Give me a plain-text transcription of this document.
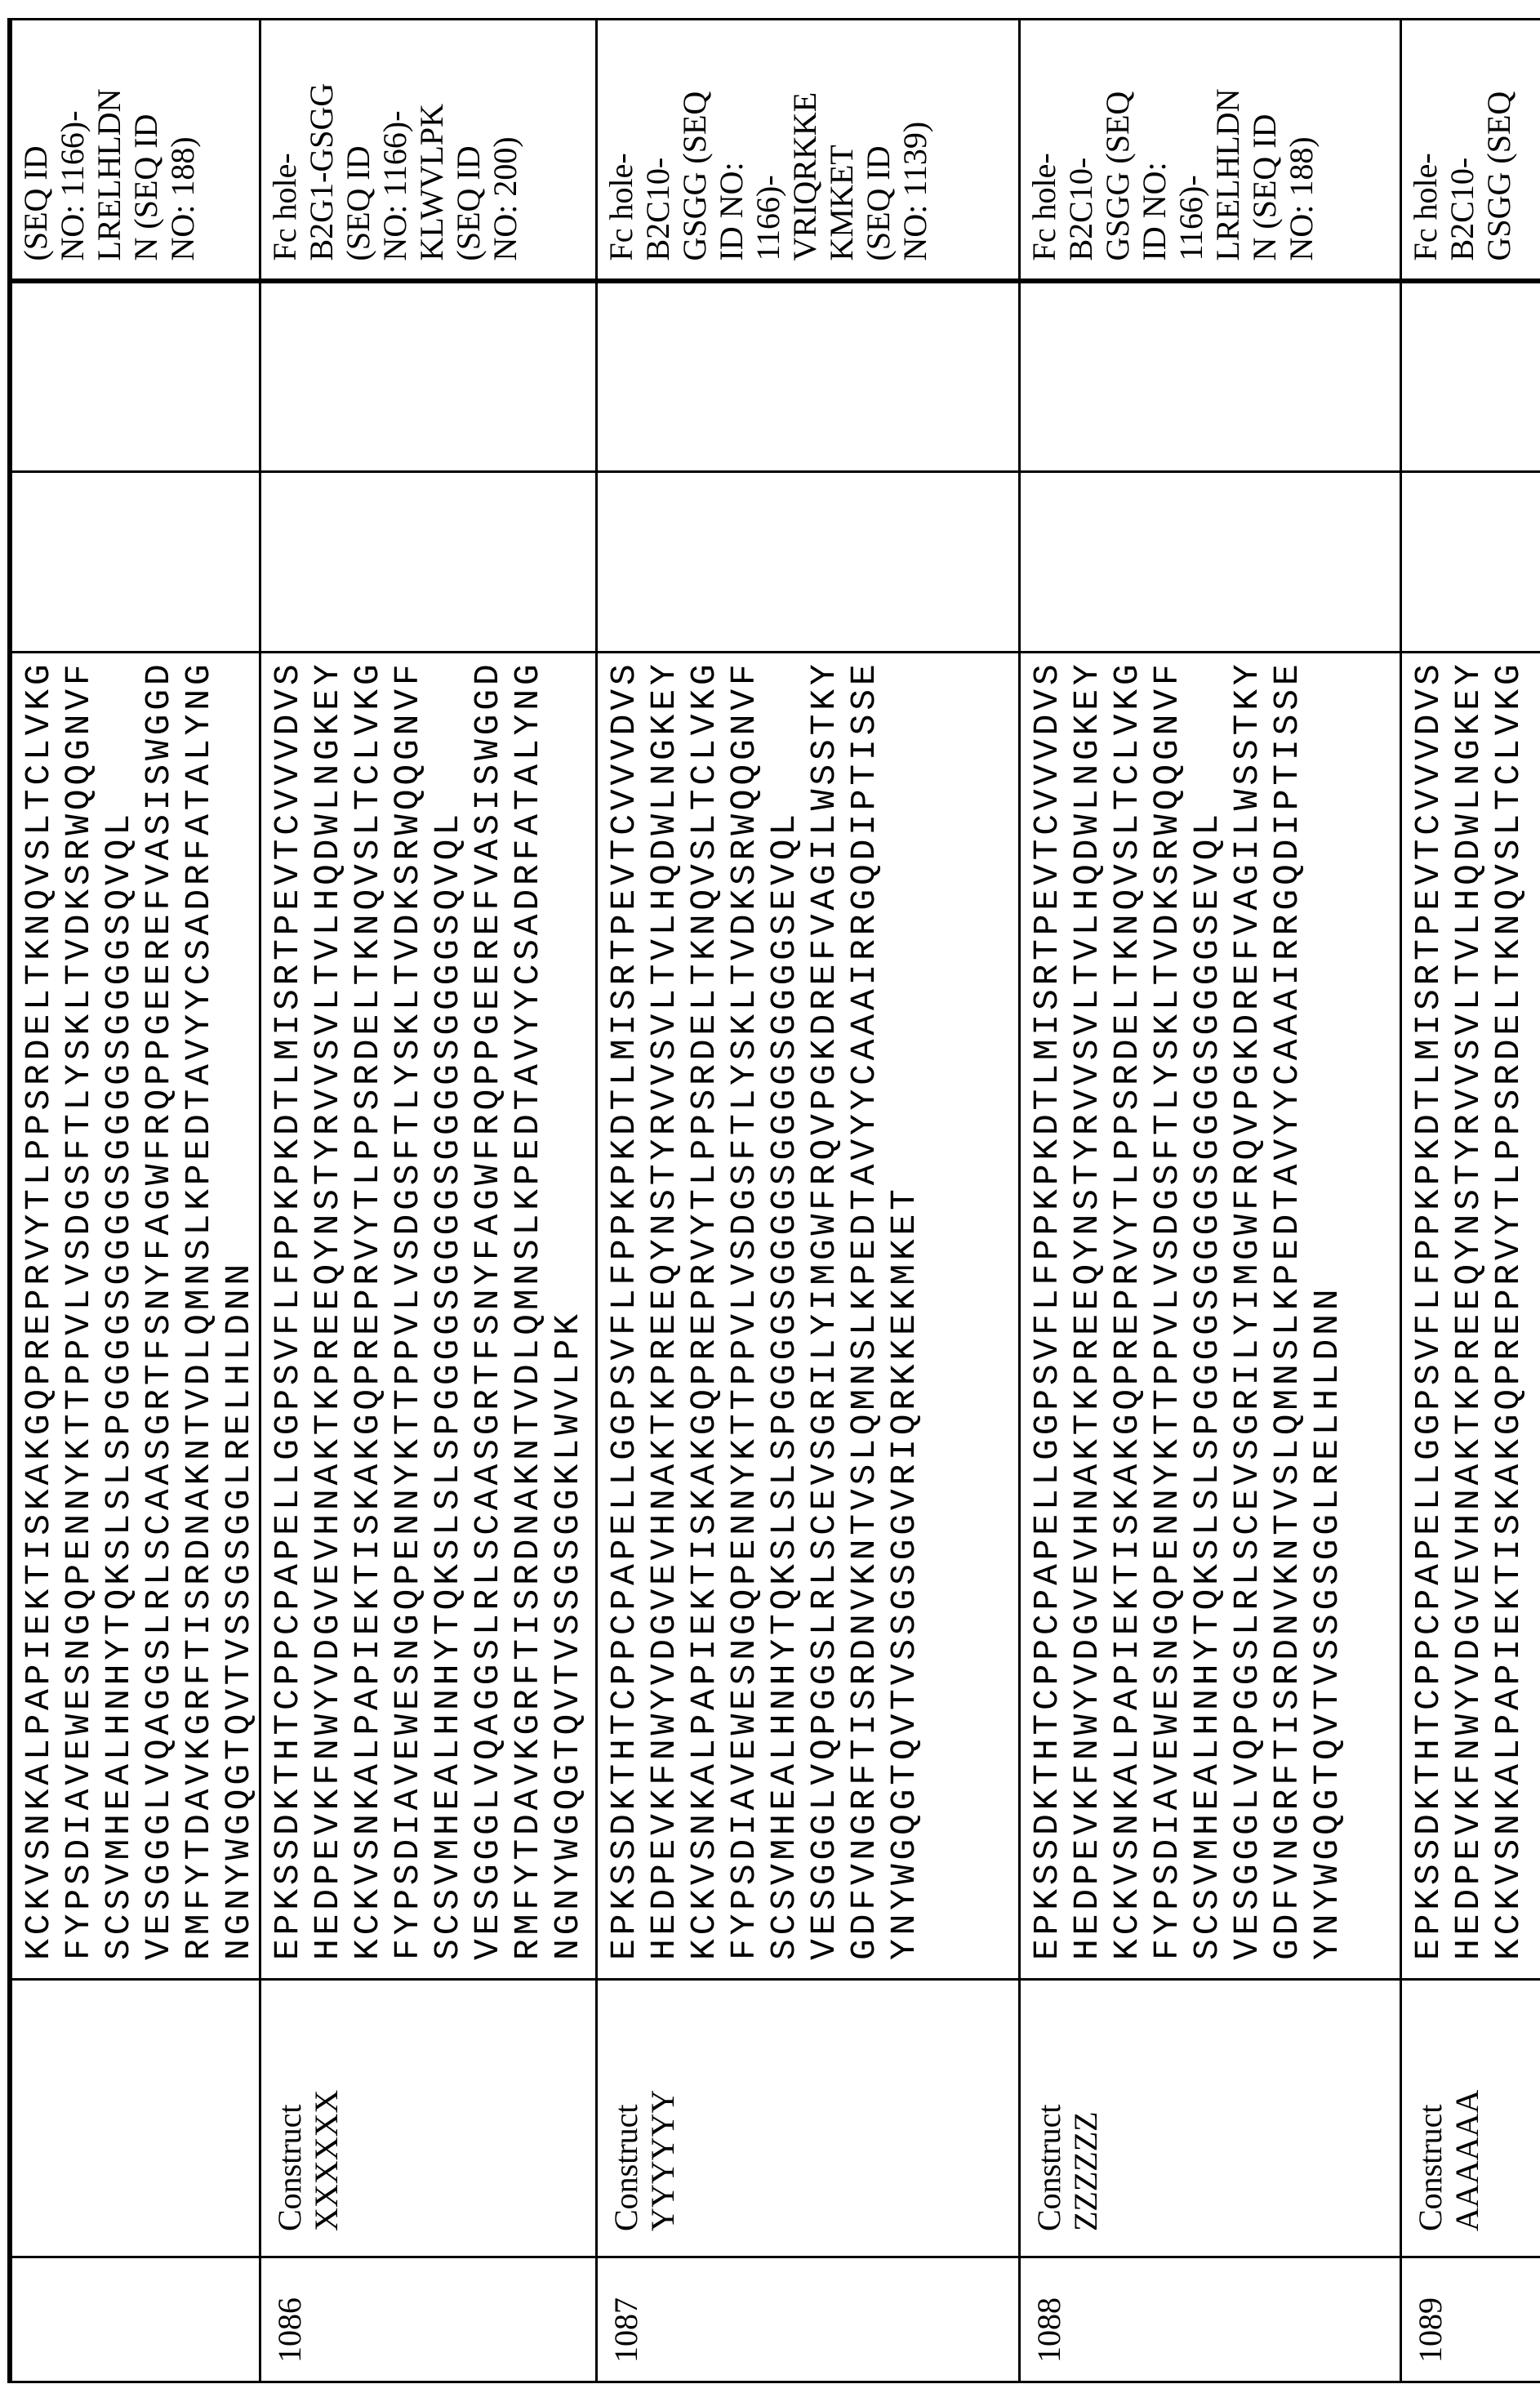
KCKVSNKALPAPIEKTISKAKGQPREPRVYTLPPSRDELTKNQVSLTCLVKG FYPSDIAVEWESNGQPENNYKTTPPVLVSDGSFTLYSKLTVDKSRWQQGNVF SCSVMHEALHNHYTQKSLSLSPGGGGSGGGGSGGGGSGGGGSQVQL VESGGGLVQAGGSLRLSCAASGRTFSNYFAGWFRQPPGEEREFVASISWGGD RMFYTDAVKGRFTISRDNAKNTVDLQMNSLKPEDTAVYYCSADRFATALYNG NGNYWGQGTQVTVSSGSGGLRELHLDNN
			(SEQ ID
NO: 1166)-
LRELHLDN
N (SEQ ID
NO: 188)
1086	Construct
XXXXXX	
EPKSSDKTHTCPPCPAPELLGGPSVFLFPPKPKDTLMISRTPEVTCVVVDVS HEDPEVKFNWYVDGVEVHNAKTKPREEQYNSTYRVVSVLTVLHQDWLNGKEY KCKVSNKALPAPIEKTISKAKGQPREPRVYTLPPSRDELTKNQVSLTCLVKG FYPSDIAVEWESNGQPENNYKTTPPVLVSDGSFTLYSKLTVDKSRWQQGNVF SCSVMHEALHNHYTQKSLSLSPGGGGSGGGGSGGGGSGGGGSQVQL VESGGGLVQAGGSLRLSCAASGRTFSNYFAGWFRQPPGEEREFVASISWGGD RMFYTDAVKGRFTISRDNAKNTVDLQMNSLKPEDTAVYYCSADRFATALYNG NGNYWGQGTQVTVSSGSGGKLWVLPK
			Fc hole-
B2G1-GSGG
(SEQ ID
NO: 1166)-
KLWVLPK
(SEQ ID
NO: 200)
1087	Construct
YYYYYY	
EPKSSDKTHTCPPCPAPELLGGPSVFLFPPKPKDTLMISRTPEVTCVVVDVS HEDPEVKFNWYVDGVEVHNAKTKPREEQYNSTYRVVSVLTVLHQDWLNGKEY KCKVSNKALPAPIEKTISKAKGQPREPRVYTLPPSRDELTKNQVSLTCLVKG FYPSDIAVEWESNGQPENNYKTTPPVLVSDGSFTLYSKLTVDKSRWQQGNVF SCSVMHEALHNHYTQKSLSLSPGGGGSGGGGSGGGGSGGGGSEVQL VESGGGLVQPGGSLRLSCEVSGRILYIMGWFRQVPGKDREFVAGILWSSTKY GDFVNGRFTISRDNVKNTVSLQMNSLKPEDTAVYYCAAAIRRGQDIPTISSE YNYWGQGTQVTVSSGSGGVRIQRKKEKMKET
			Fc hole-
B2C10-
GSGG (SEQ
ID NO:
1166)-
VRIQRKKE
KMKET
(SEQ ID
NO: 1139)
1088	Construct
ZZZZZZ	
EPKSSDKTHTCPPCPAPELLGGPSVFLFPPKPKDTLMISRTPEVTCVVVDVS HEDPEVKFNWYVDGVEVHNAKTKPREEQYNSTYRVVSVLTVLHQDWLNGKEY KCKVSNKALPAPIEKTISKAKGQPREPRVYTLPPSRDELTKNQVSLTCLVKG FYPSDIAVEWESNGQPENNYKTTPPVLVSDGSFTLYSKLTVDKSRWQQGNVF SCSVMHEALHNHYTQKSLSLSPGGGGSGGGGSGGGGSGGGGSEVQL VESGGGLVQPGGSLRLSCEVSGRILYIMGWFRQVPGKDREFVAGILWSSTKY GDFVNGRFTISRDNVKNTVSLQMNSLKPEDTAVYYCAAAIRRGQDIPTISSE YNYWGQGTQVTVSSGSGGLRELHLDNN
			Fc hole-
B2C10-
GSGG (SEQ
ID NO:
1166)-
LRELHLDN
N (SEQ ID
NO: 188)
1089	Construct
AAAAAA	
EPKSSDKTHTCPPCPAPELLGGPSVFLFPPKPKDTLMISRTPEVTCVVVDVS HEDPEVKFNWYVDGVEVHNAKTKPREEQYNSTYRVVSVLTVLHQDWLNGKEY KCKVSNKALPAPIEKTISKAKGQPREPRVYTLPPSRDELTKNQVSLTCLVKG
			Fc hole-
B2C10-
GSGG (SEQ
